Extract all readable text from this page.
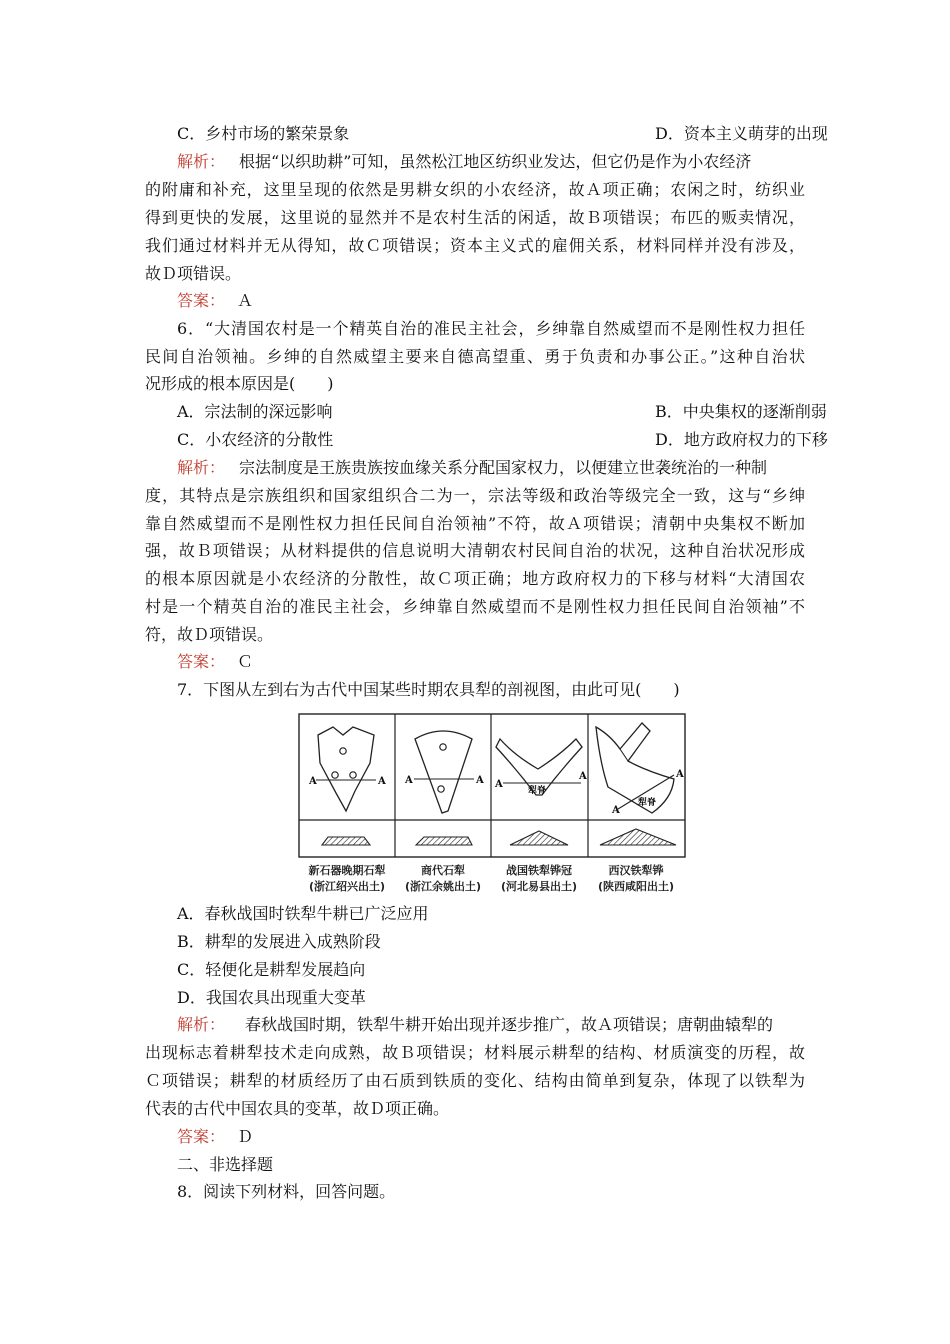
C．乡村市场的繁荣景象	D．资本主义萌芽的出现
解析： 根据“以织助耕”可知，虽然松江地区纺织业发达，但它仍是作为小农经济
的附庸和补充，这里呈现的依然是男耕女织的小农经济，故Ａ项正确；农闲之时，纺织业
得到更快的发展，这里说的显然并不是农村生活的闲适，故Ｂ项错误；布匹的贩卖情况，
我们通过材料并无从得知，故Ｃ项错误；资本主义式的雇佣关系，材料同样并没有涉及，
故Ｄ项错误。
答案： Ａ
6．“大清国农村是一个精英自治的准民主社会，乡绅靠自然威望而不是刚性权力担任
民间自治领袖。乡绅的自然威望主要来自德高望重、勇于负责和办事公正。”这种自治状
况形成的根本原因是(　　)
A．宗法制的深远影响	B．中央集权的逐渐削弱
C．小农经济的分散性	D．地方政府权力的下移
解析： 宗法制度是王族贵族按血缘关系分配国家权力，以便建立世袭统治的一种制
度，其特点是宗族组织和国家组织合二为一，宗法等级和政治等级完全一致，这与“乡绅
靠自然威望而不是刚性权力担任民间自治领袖”不符，故Ａ项错误；清朝中央集权不断加
强，故Ｂ项错误；从材料提供的信息说明大清朝农村民间自治的状况，这种自治状况形成
的根本原因就是小农经济的分散性，故Ｃ项正确；地方政府权力的下移与材料“大清国农
村是一个精英自治的准民主社会，乡绅靠自然威望而不是刚性权力担任民间自治领袖”不
符，故Ｄ项错误。
答案： Ｃ
7．下图从左到右为古代中国某些时期农具犁的剖视图，由此可见(　　)
A	A A	A A
A
犁脊
A
A
犁脊
新石器晚期石犁
(浙江绍兴出土)
商代石犁
(浙江余姚出土)
战国铁犁铧冠
(河北易县出土)
西汉铁犁铧
(陕西咸阳出土)
A．春秋战国时铁犁牛耕已广泛应用
B．耕犁的发展进入成熟阶段
C．轻便化是耕犁发展趋向
D．我国农具出现重大变革
解析： 春秋战国时期，铁犁牛耕开始出现并逐步推广，故Ａ项错误；唐朝曲辕犁的
出现标志着耕犁技术走向成熟，故Ｂ项错误；材料展示耕犁的结构、材质演变的历程，故
Ｃ项错误；耕犁的材质经历了由石质到铁质的变化、结构由简单到复杂，体现了以铁犁为
代表的古代中国农具的变革，故Ｄ项正确。
答案： Ｄ
二、非选择题
8．阅读下列材料，回答问题。
